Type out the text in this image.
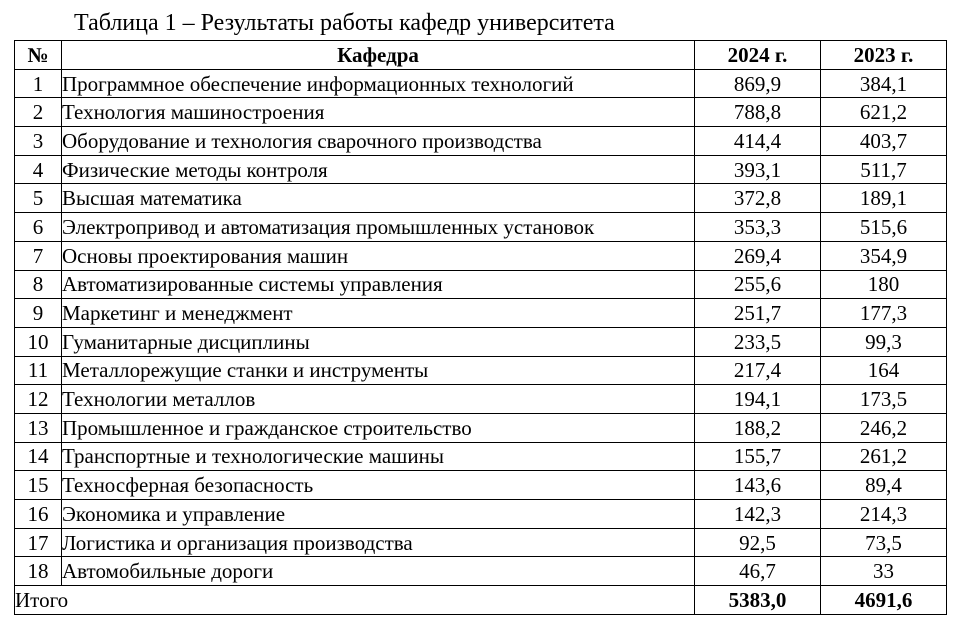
Таблица 1 – Результаты работы кафедр университета
№	Кафедра	2024 г.	2023 г.
1	Программное обеспечение информационных технологий	869,9	384,1
2	Технология машиностроения	788,8	621,2
3	Оборудование и технология сварочного производства	414,4	403,7
4	Физические методы контроля	393,1	511,7
5	Высшая математика	372,8	189,1
6	Электропривод и автоматизация промышленных установок	353,3	515,6
7	Основы проектирования машин	269,4	354,9
8	Автоматизированные системы управления	255,6	180
9	Маркетинг и менеджмент	251,7	177,3
10	Гуманитарные дисциплины	233,5	99,3
11	Металлорежущие станки и инструменты	217,4	164
12	Технологии металлов	194,1	173,5
13	Промышленное и гражданское строительство	188,2	246,2
14	Транспортные и технологические машины	155,7	261,2
15	Техносферная безопасность	143,6	89,4
16	Экономика и управление	142,3	214,3
17	Логистика и организация производства	92,5	73,5
18	Автомобильные дороги	46,7	33
Итого		5383,0	4691,6
